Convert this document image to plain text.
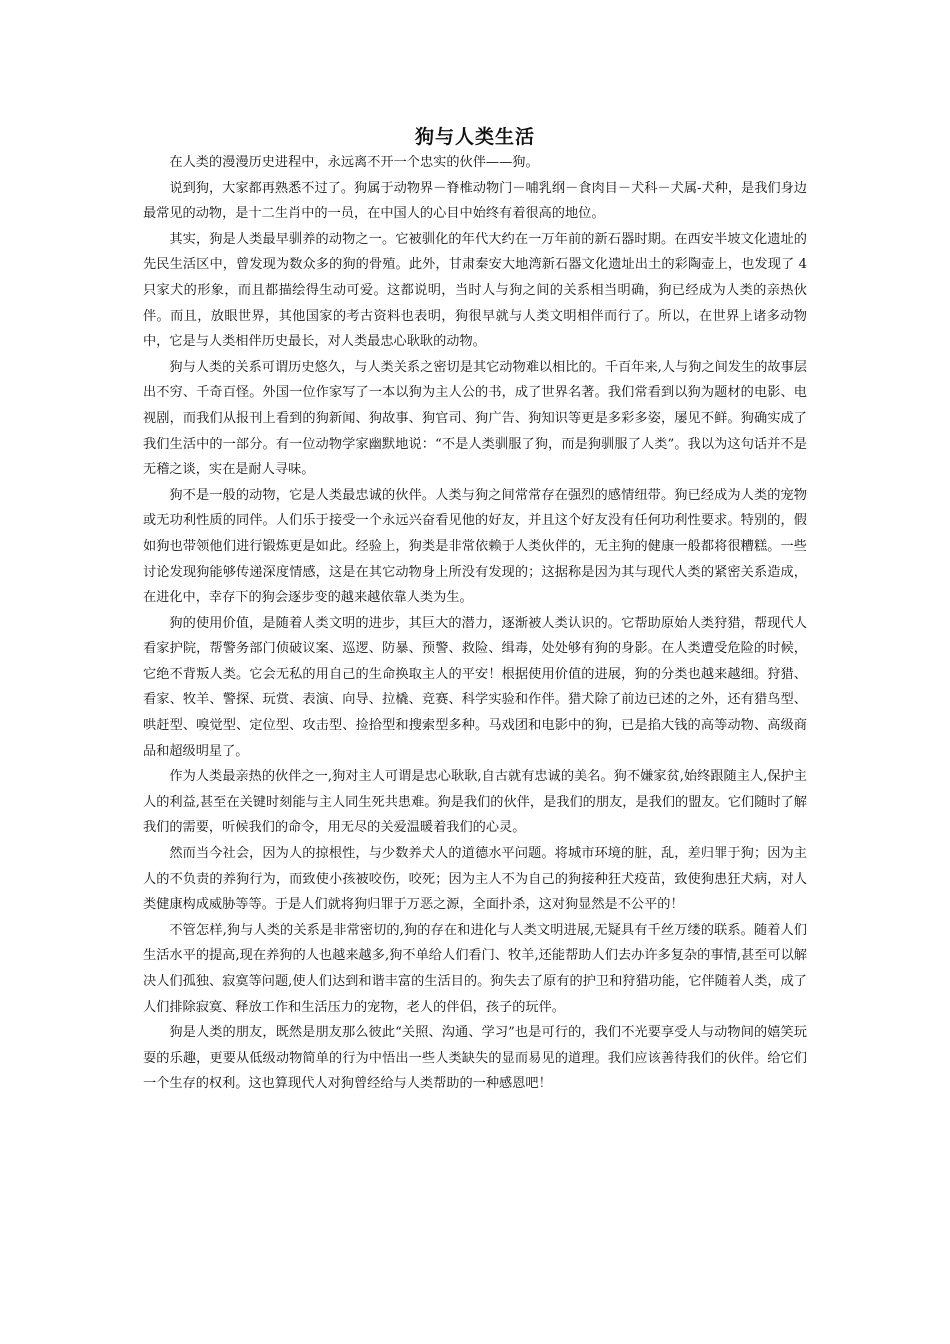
狗与人类生活

在人类的漫漫历史进程中，永远离不开一个忠实的伙伴——狗。

说到狗，大家都再熟悉不过了。狗属于动物界－脊椎动物门－哺乳纲－食肉目－犬科－犬属-犬种，是我们身边最常见的动物，是十二生肖中的一员，在中国人的心目中始终有着很高的地位。

其实，狗是人类最早驯养的动物之一。它被驯化的年代大约在一万年前的新石器时期。在西安半坡文化遗址的先民生活区中，曾发现为数众多的狗的骨殖。此外，甘肃秦安大地湾新石器文化遗址出土的彩陶壶上，也发现了 4 只家犬的形象，而且都描绘得生动可爱。这都说明，当时人与狗之间的关系相当明确，狗已经成为人类的亲热伙伴。而且，放眼世界，其他国家的考古资料也表明，狗很早就与人类文明相伴而行了。所以，在世界上诸多动物中，它是与人类相伴历史最长，对人类最忠心耿耿的动物。

狗与人类的关系可谓历史悠久，与人类关系之密切是其它动物难以相比的。千百年来,人与狗之间发生的故事层出不穷、千奇百怪。外国一位作家写了一本以狗为主人公的书，成了世界名著。我们常看到以狗为题材的电影、电视剧，而我们从报刊上看到的狗新闻、狗故事、狗官司、狗广告、狗知识等更是多彩多姿，屡见不鲜。狗确实成了我们生活中的一部分。有一位动物学家幽默地说：“不是人类驯服了狗，而是狗驯服了人类”。我以为这句话并不是无稽之谈，实在是耐人寻味。

狗不是一般的动物，它是人类最忠诚的伙伴。人类与狗之间常常存在强烈的感情纽带。狗已经成为人类的宠物或无功利性质的同伴。人们乐于接受一个永远兴奋看见他的好友，并且这个好友没有任何功利性要求。特别的，假如狗也带领他们进行锻炼更是如此。经验上，狗类是非常依赖于人类伙伴的，无主狗的健康一般都将很糟糕。一些讨论发现狗能够传递深度情感，这是在其它动物身上所没有发现的；这据称是因为其与现代人类的紧密关系造成，在进化中，幸存下的狗会逐步变的越来越依靠人类为生。

狗的使用价值，是随着人类文明的进步，其巨大的潜力，逐渐被人类认识的。它帮助原始人类狩猎，帮现代人看家护院，帮警务部门侦破议案、巡逻、防暴、预警、救险、缉毒，处处够有狗的身影。在人类遭受危险的时候，它绝不背叛人类。它会无私的用自己的生命换取主人的平安！根据使用价值的进展，狗的分类也越来越细。狩猎、看家、牧羊、警探、玩赏、表演、向导、拉橇、竞赛、科学实验和作伴。猎犬除了前边已述的之外，还有猎鸟型、哄赶型、嗅觉型、定位型、攻击型、捡拾型和搜索型多种。马戏团和电影中的狗，已是掐大钱的高等动物、高级商品和超级明星了。

作为人类最亲热的伙伴之一,狗对主人可谓是忠心耿耿,自古就有忠诚的美名。狗不嫌家贫,始终跟随主人,保护主人的利益,甚至在关键时刻能与主人同生死共患难。狗是我们的伙伴，是我们的朋友，是我们的盟友。它们随时了解我们的需要，听候我们的命令，用无尽的关爱温暖着我们的心灵。

然而当今社会，因为人的掠根性，与少数养犬人的道德水平问题。将城市环境的脏，乱，差归罪于狗；因为主人的不负责的养狗行为，而致使小孩被咬伤，咬死；因为主人不为自己的狗接种狂犬疫苗，致使狗患狂犬病，对人类健康构成威胁等等。于是人们就将狗归罪于万恶之源，全面扑杀，这对狗显然是不公平的！

不管怎样,狗与人类的关系是非常密切的,狗的存在和进化与人类文明进展,无疑具有千丝万缕的联系。随着人们生活水平的提高,现在养狗的人也越来越多,狗不单给人们看门、牧羊,还能帮助人们去办许多复杂的事情,甚至可以解决人们孤独、寂寞等问题,使人们达到和谐丰富的生活目的。狗失去了原有的护卫和狩猎功能，它伴随着人类，成了人们排除寂寞、释放工作和生活压力的宠物，老人的伴侣，孩子的玩伴。

狗是人类的朋友，既然是朋友那么彼此“关照、沟通、学习”也是可行的，我们不光要享受人与动物间的嬉笑玩耍的乐趣，更要从低级动物简单的行为中悟出一些人类缺失的显而易见的道理。我们应该善待我们的伙伴。给它们一个生存的权利。这也算现代人对狗曾经给与人类帮助的一种感恩吧！
